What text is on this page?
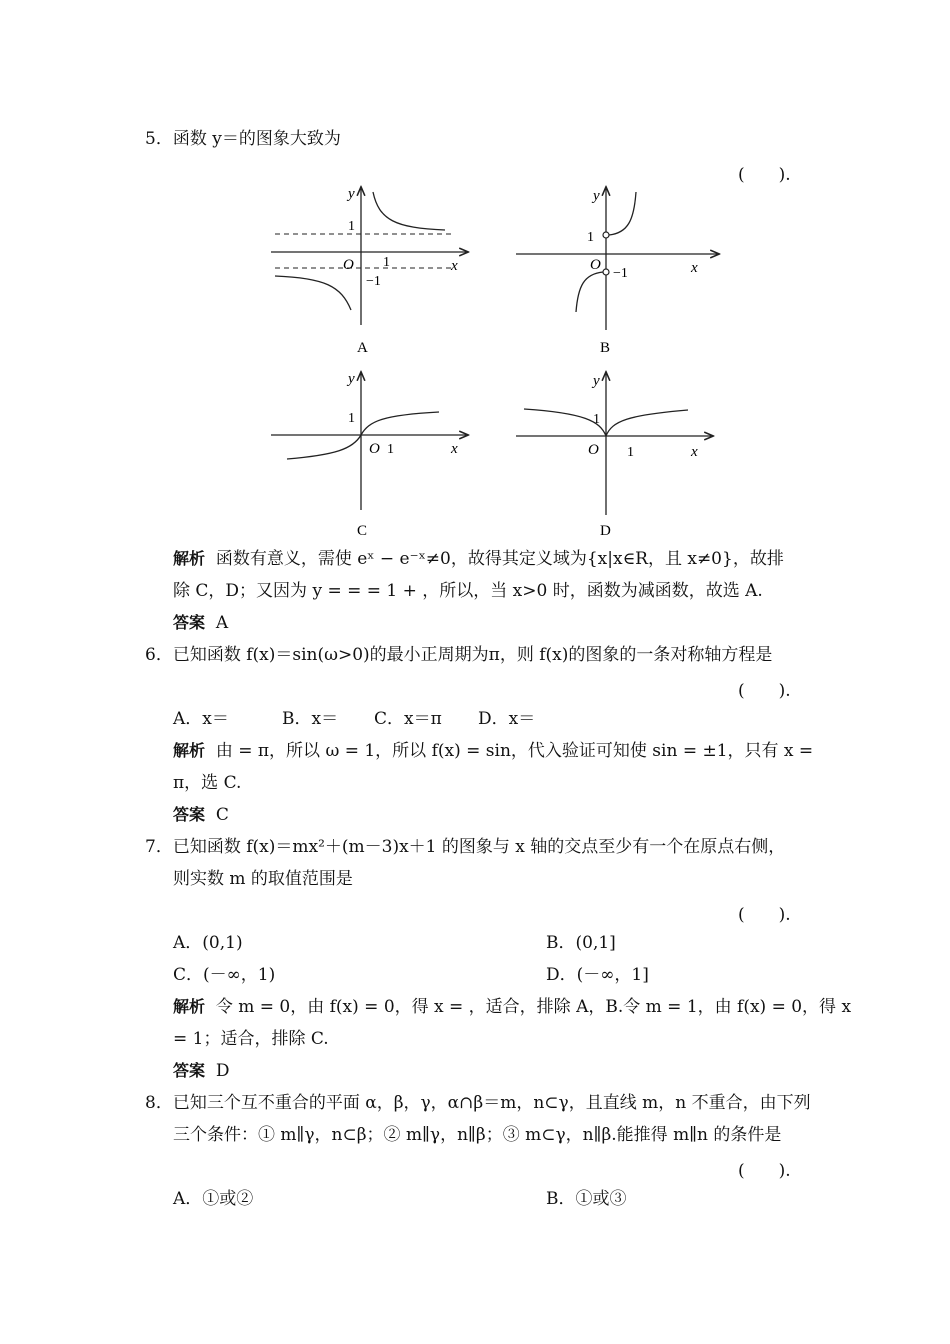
5．函数 y＝的图象大致为
(　　).
y
1
O 1
−1
x
A
y
1
O
−1	x
B
y
1
O 1	x
C
y
1
O 1	x
D
解析 函数有意义，需使 eˣ − e⁻ˣ≠0，故得其定义域为{x|x∈R，且 x≠0}，故排
除 C，D；又因为 y = = = 1 + ，所以，当 x>0 时，函数为减函数，故选 A.
答案 A
6．已知函数 f(x)＝sin(ω>0)的最小正周期为π，则 f(x)的图象的一条对称轴方程是
(　　).
A．x＝	B．x＝ C．x＝π D．x＝
解析 由 = π，所以 ω = 1，所以 f(x) = sin，代入验证可知使 sin = ±1，只有 x =
π，选 C.
答案 C
7．已知函数 f(x)＝mx²＋(m－3)x＋1 的图象与 x 轴的交点至少有一个在原点右侧，
则实数 m 的取值范围是
(　　).
A．(0,1)	B．(0,1]
C．(－∞，1)	D．(－∞，1]
解析 令 m = 0，由 f(x) = 0，得 x = ，适合，排除 A，B.令 m = 1，由 f(x) = 0，得 x
= 1；适合，排除 C.
答案 D
8．已知三个互不重合的平面 α，β，γ，α∩β＝m，n⊂γ，且直线 m，n 不重合，由下列
三个条件：① m∥γ，n⊂β；② m∥γ，n∥β；③ m⊂γ，n∥β.能推得 m∥n 的条件是
(　　).
A．①或②	B．①或③
